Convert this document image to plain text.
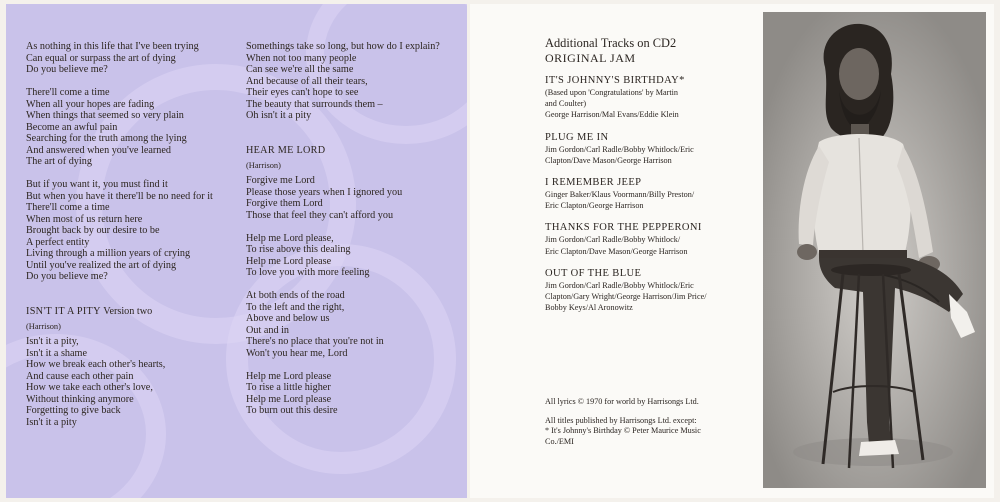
As nothing in this life that I've been trying
Can equal or surpass the art of dying
Do you believe me?
There'll come a time
When all your hopes are fading
When things that seemed so very plain
Become an awful pain
Searching for the truth among the lying
And answered when you've learned
The art of dying
But if you want it, you must find it
But when you have it there'll be no need for it
There'll come a time
When most of us return here
Brought back by our desire to be
A perfect entity
Living through a million years of crying
Until you've realized the art of dying
Do you believe me?
ISN'T IT A PITY Version two
(Harrison)
Isn't it a pity,
Isn't it a shame
How we break each other's hearts,
And cause each other pain
How we take each other's love,
Without thinking anymore
Forgetting to give back
Isn't it a pity
Somethings take so long, but how do I explain?
When not too many people
Can see we're all the same
And because of all their tears,
Their eyes can't hope to see
The beauty that surrounds them –
Oh isn't it a pity
HEAR ME LORD
(Harrison)
Forgive me Lord
Please those years when I ignored you
Forgive them Lord
Those that feel they can't afford you
Help me Lord please,
To rise above this dealing
Help me Lord please
To love you with more feeling
At both ends of the road
To the left and the right,
Above and below us
Out and in
There's no place that you're not in
Won't you hear me, Lord
Help me Lord please
To rise a little higher
Help me Lord please
To burn out this desire
Additional Tracks on CD2
ORIGINAL JAM
IT'S JOHNNY'S BIRTHDAY*
(Based upon 'Congratulations' by Martin
and Coulter)
George Harrison/Mal Evans/Eddie Klein
PLUG ME IN
Jim Gordon/Carl Radle/Bobby Whitlock/Eric
Clapton/Dave Mason/George Harrison
I REMEMBER JEEP
Ginger Baker/Klaus Voormann/Billy Preston/
Eric Clapton/George Harrison
THANKS FOR THE PEPPERONI
Jim Gordon/Carl Radle/Bobby Whitlock/
Eric Clapton/Dave Mason/George Harrison
OUT OF THE BLUE
Jim Gordon/Carl Radle/Bobby Whitlock/Eric
Clapton/Gary Wright/George Harrison/Jim Price/
Bobby Keys/Al Aronowitz
All lyrics © 1970 for world by Harrisongs Ltd.
All titles published by Harrisongs Ltd. except:
* It's Johnny's Birthday © Peter Maurice Music
Co./EMI
